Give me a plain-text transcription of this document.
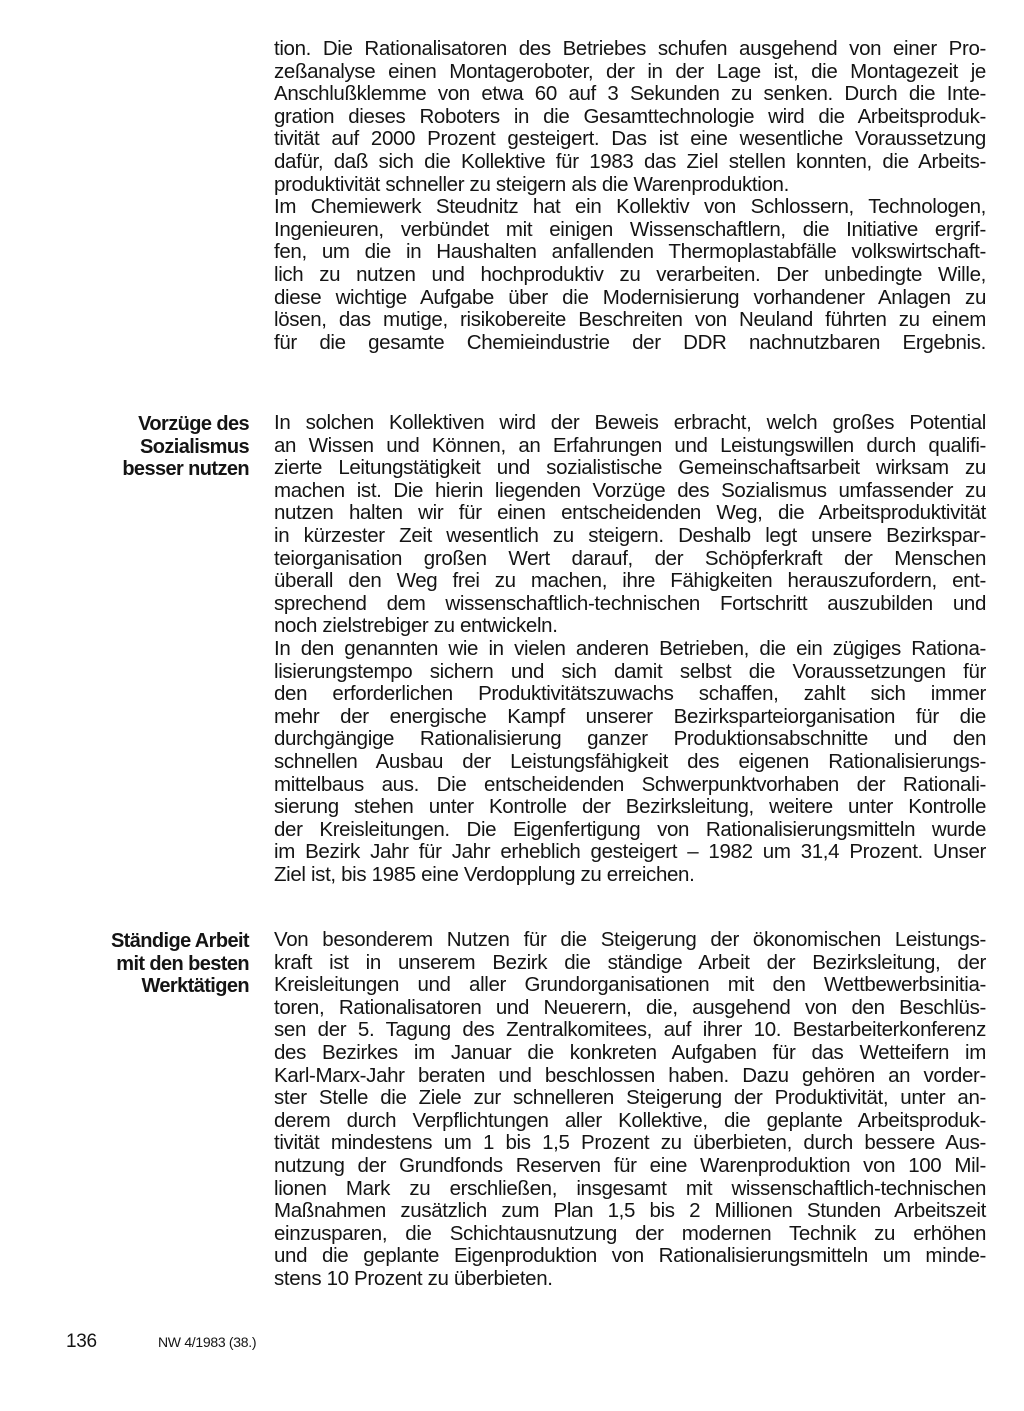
tion. Die Rationalisatoren des Betriebes schufen ausgehend von einer Pro-
zeßanalyse einen Montageroboter, der in der Lage ist, die Montagezeit je
Anschlußklemme von etwa 60 auf 3 Sekunden zu senken. Durch die Inte-
gration dieses Roboters in die Gesamttechnologie wird die Arbeitsproduk-
tivität auf 2000 Prozent gesteigert. Das ist eine wesentliche Voraussetzung
dafür, daß sich die Kollektive für 1983 das Ziel stellen konnten, die Arbeits-
produktivität schneller zu steigern als die Warenproduktion.
Im Chemiewerk Steudnitz hat ein Kollektiv von Schlossern, Technologen,
Ingenieuren, verbündet mit einigen Wissenschaftlern, die Initiative ergrif-
fen, um die in Haushalten anfallenden Thermoplastabfälle volkswirtschaft-
lich zu nutzen und hochproduktiv zu verarbeiten. Der unbedingte Wille,
diese wichtige Aufgabe über die Modernisierung vorhandener Anlagen zu
lösen, das mutige, risikobereite Beschreiten von Neuland führten zu einem
für die gesamte Chemieindustrie der DDR nachnutzbaren Ergebnis.
Vorzüge des
Sozialismus
besser nutzen
In solchen Kollektiven wird der Beweis erbracht, welch großes Potential
an Wissen und Können, an Erfahrungen und Leistungswillen durch qualifi-
zierte Leitungstätigkeit und sozialistische Gemeinschaftsarbeit wirksam zu
machen ist. Die hierin liegenden Vorzüge des Sozialismus umfassender zu
nutzen halten wir für einen entscheidenden Weg, die Arbeitsproduktivität
in kürzester Zeit wesentlich zu steigern. Deshalb legt unsere Bezirkspar-
teiorganisation großen Wert darauf, der Schöpferkraft der Menschen
überall den Weg frei zu machen, ihre Fähigkeiten herauszufordern, ent-
sprechend dem wissenschaftlich-technischen Fortschritt auszubilden und
noch zielstrebiger zu entwickeln.
In den genannten wie in vielen anderen Betrieben, die ein zügiges Rationa-
lisierungstempo sichern und sich damit selbst die Voraussetzungen für
den erforderlichen Produktivitätszuwachs schaffen, zahlt sich immer
mehr der energische Kampf unserer Bezirksparteiorganisation für die
durchgängige Rationalisierung ganzer Produktionsabschnitte und den
schnellen Ausbau der Leistungsfähigkeit des eigenen Rationalisierungs-
mittelbaus aus. Die entscheidenden Schwerpunktvorhaben der Rationali-
sierung stehen unter Kontrolle der Bezirksleitung, weitere unter Kontrolle
der Kreisleitungen. Die Eigenfertigung von Rationalisierungsmitteln wurde
im Bezirk Jahr für Jahr erheblich gesteigert – 1982 um 31,4 Prozent. Unser
Ziel ist, bis 1985 eine Verdopplung zu erreichen.
Ständige Arbeit
mit den besten
Werktätigen
Von besonderem Nutzen für die Steigerung der ökonomischen Leistungs-
kraft ist in unserem Bezirk die ständige Arbeit der Bezirksleitung, der
Kreisleitungen und aller Grundorganisationen mit den Wettbewerbsinitia-
toren, Rationalisatoren und Neuerern, die, ausgehend von den Beschlüs-
sen der 5. Tagung des Zentralkomitees, auf ihrer 10. Bestarbeiterkonferenz
des Bezirkes im Januar die konkreten Aufgaben für das Wetteifern im
Karl-Marx-Jahr beraten und beschlossen haben. Dazu gehören an vorder-
ster Stelle die Ziele zur schnelleren Steigerung der Produktivität, unter an-
derem durch Verpflichtungen aller Kollektive, die geplante Arbeitsproduk-
tivität mindestens um 1 bis 1,5 Prozent zu überbieten, durch bessere Aus-
nutzung der Grundfonds Reserven für eine Warenproduktion von 100 Mil-
lionen Mark zu erschließen, insgesamt mit wissenschaftlich-technischen
Maßnahmen zusätzlich zum Plan 1,5 bis 2 Millionen Stunden Arbeitszeit
einzusparen, die Schichtausnutzung der modernen Technik zu erhöhen
und die geplante Eigenproduktion von Rationalisierungsmitteln um minde-
stens 10 Prozent zu überbieten.
136	NW 4/1983 (38.)
